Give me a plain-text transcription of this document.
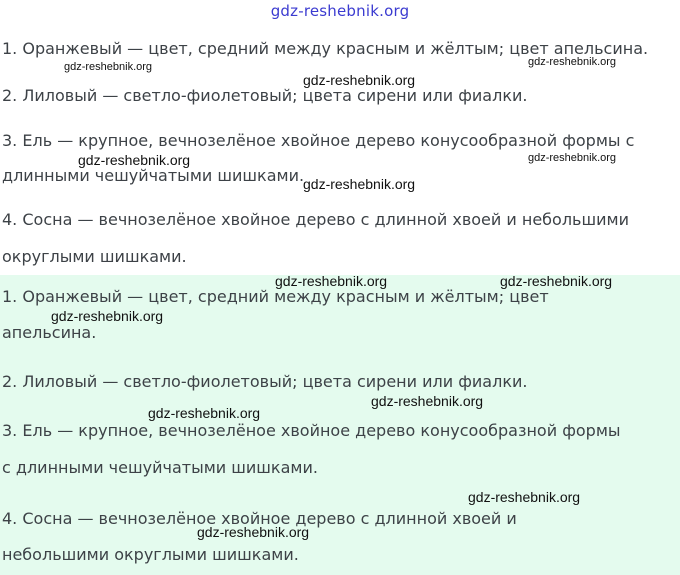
gdz-reshebnik.org
1. Оранжевый — цвет, средний между красным и жёлтым; цвет апельсина.
2. Лиловый — светло-фиолетовый; цвета сирени или фиалки.
3. Ель — крупное, вечнозелёное хвойное дерево конусообразной формы с
длинными чешуйчатыми шишками.
4. Сосна — вечнозелёное хвойное дерево с длинной хвоей и небольшими
округлыми шишками.
1. Оранжевый — цвет, средний между красным и жёлтым; цвет
апельсина.
2. Лиловый — светло-фиолетовый; цвета сирени или фиалки.
3. Ель — крупное, вечнозелёное хвойное дерево конусообразной формы
с длинными чешуйчатыми шишками.
4. Сосна — вечнозелёное хвойное дерево с длинной хвоей и
небольшими округлыми шишками.
gdz-reshebnik.org
gdz-reshebnik.org
gdz-reshebnik.org
gdz-reshebnik.org	gdz-reshebnik.org
gdz-reshebnik.org
gdz-reshebnik.org	gdz-reshebnik.org
gdz-reshebnik.org
gdz-reshebnik.org
gdz-reshebnik.org
gdz-reshebnik.org
gdz-reshebnik.org
